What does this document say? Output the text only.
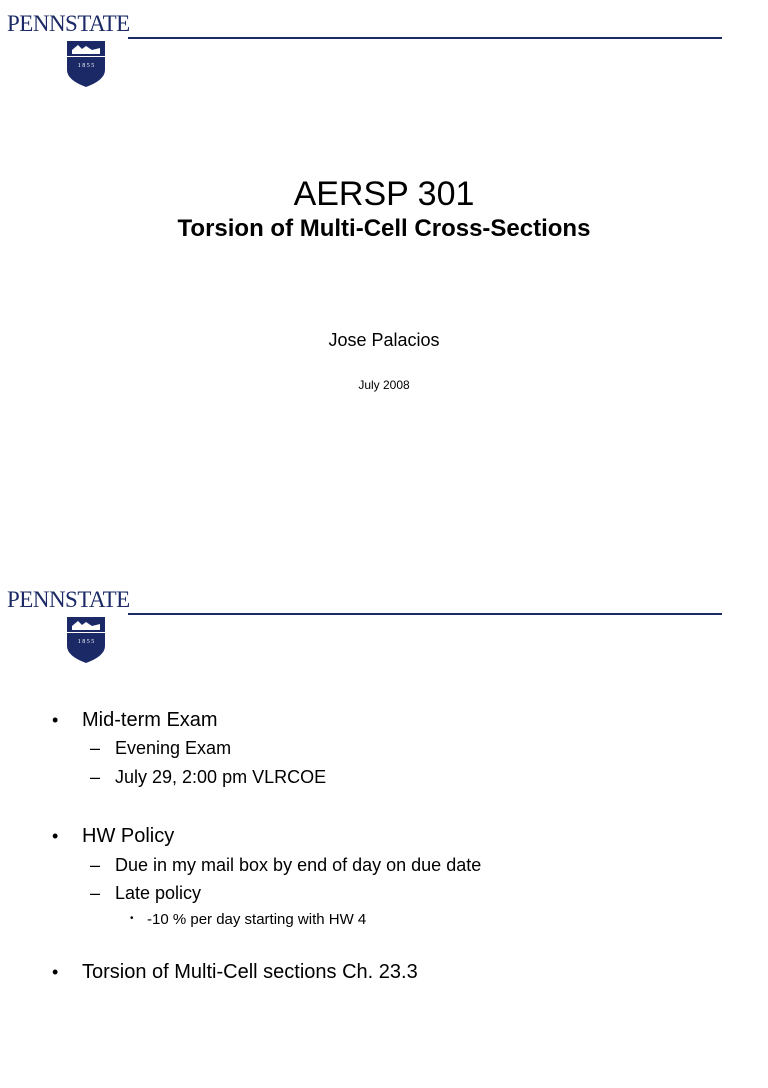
PENNSTATE
1 8 5 5
AERSP 301
Torsion of Multi-Cell Cross-Sections
Jose Palacios
July 2008
PENNSTATE
1 8 5 5
• Mid-term Exam
– Evening Exam
– July 29, 2:00 pm VLRCOE
• HW Policy
– Due in my mail box by end of day on due date
– Late policy
• -10 % per day starting with HW 4
• Torsion of Multi-Cell sections Ch. 23.3
